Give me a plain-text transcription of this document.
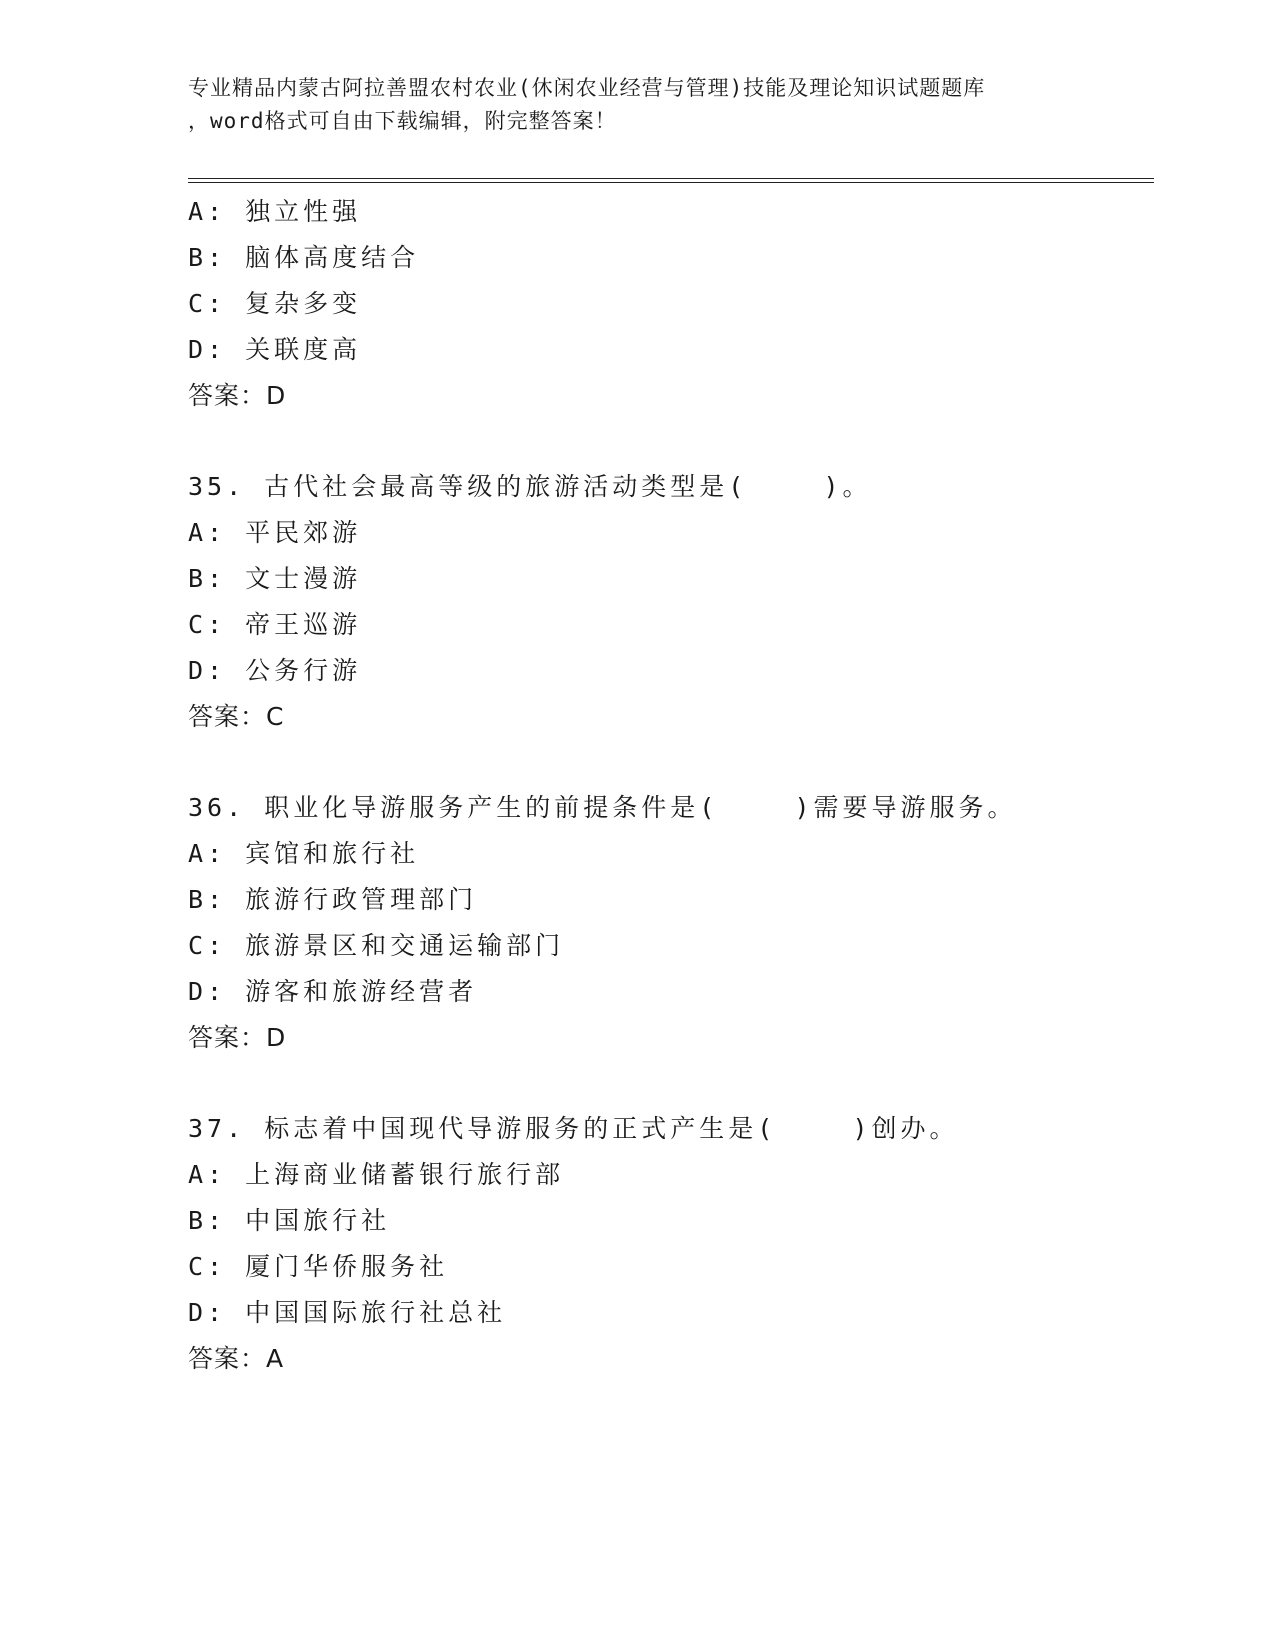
专业精品内蒙古阿拉善盟农村农业(休闲农业经营与管理)技能及理论知识试题题库
，word格式可自由下载编辑，附完整答案！
A: 独立性强
B: 脑体高度结合
C: 复杂多变
D: 关联度高
答案：D
35. 古代社会最高等级的旅游活动类型是(    )。
A: 平民郊游
B: 文士漫游
C: 帝王巡游
D: 公务行游
答案：C
36. 职业化导游服务产生的前提条件是(    )需要导游服务。
A: 宾馆和旅行社
B: 旅游行政管理部门
C: 旅游景区和交通运输部门
D: 游客和旅游经营者
答案：D
37. 标志着中国现代导游服务的正式产生是(    )创办。
A: 上海商业储蓄银行旅行部
B: 中国旅行社
C: 厦门华侨服务社
D: 中国国际旅行社总社
答案：A
